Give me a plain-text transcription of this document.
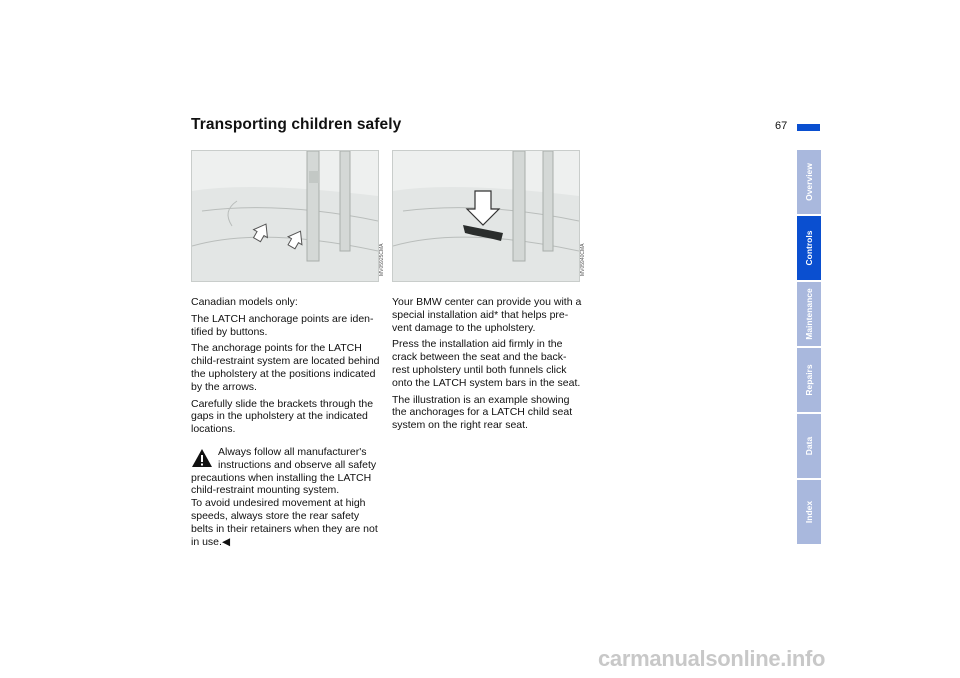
Transporting children safely	67
MV05925CMA	MV05940CMA

Canadian models only:

The LATCH anchorage points are iden-tified by buttons.

The anchorage points for the LATCH child-restraint system are located behind the upholstery at the positions indicated by the arrows.

Carefully slide the brackets through the gaps in the upholstery at the indicated locations.

Always follow all manufacturer's instructions and observe all safety precautions when installing the LATCH child-restraint mounting system.

To avoid undesired movement at high speeds, always store the rear safety belts in their retainers when they are not in use.◀

Your BMW center can provide you with a special installation aid* that helps pre-vent damage to the upholstery.

Press the installation aid firmly in the crack between the seat and the back-rest upholstery until both funnels click onto the LATCH system bars in the seat.

The illustration is an example showing the anchorages for a LATCH child seat system on the right rear seat.

Overview
Controls
Maintenance
Repairs
Data
Index
carmanualsonline.info
